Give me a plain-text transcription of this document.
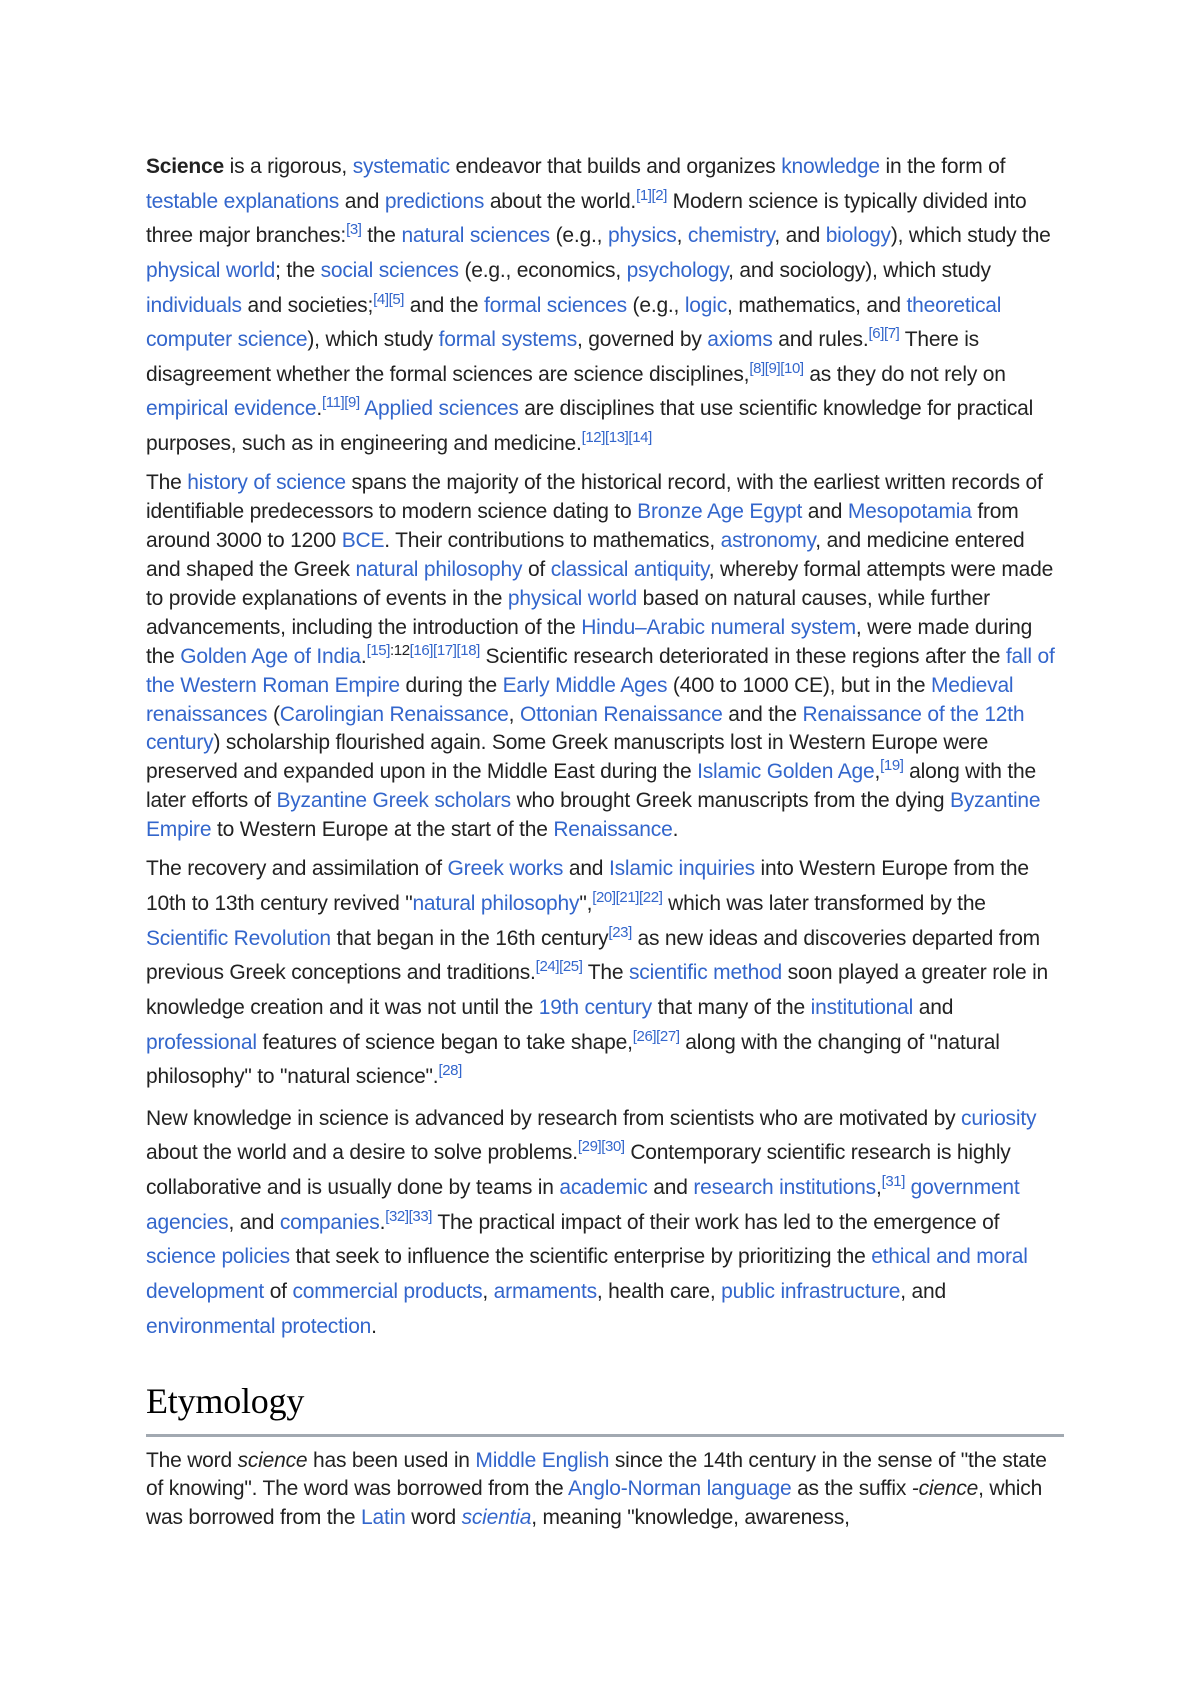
Science is a rigorous, systematic endeavor that builds and organizes knowledge in the form of testable explanations and predictions about the world.[1][2] Modern science is typically divided into three major branches:[3] the natural sciences (e.g., physics, chemistry, and biology), which study the physical world; the social sciences (e.g., economics, psychology, and sociology), which study individuals and societies;[4][5] and the formal sciences (e.g., logic, mathematics, and theoretical computer science), which study formal systems, governed by axioms and rules.[6][7] There is disagreement whether the formal sciences are science disciplines,[8][9][10] as they do not rely on empirical evidence.[11][9] Applied sciences are disciplines that use scientific knowledge for practical purposes, such as in engineering and medicine.[12][13][14]

The history of science spans the majority of the historical record, with the earliest written records of identifiable predecessors to modern science dating to Bronze Age Egypt and Mesopotamia from around 3000 to 1200 BCE. Their contributions to mathematics, astronomy, and medicine entered and shaped the Greek natural philosophy of classical antiquity, whereby formal attempts were made to provide explanations of events in the physical world based on natural causes, while further advancements, including the introduction of the Hindu–Arabic numeral system, were made during the Golden Age of India.[15]:12[16][17][18] Scientific research deteriorated in these regions after the fall of the Western Roman Empire during the Early Middle Ages (400 to 1000 CE), but in the Medieval renaissances (Carolingian Renaissance, Ottonian Renaissance and the Renaissance of the 12th century) scholarship flourished again. Some Greek manuscripts lost in Western Europe were preserved and expanded upon in the Middle East during the Islamic Golden Age,[19] along with the later efforts of Byzantine Greek scholars who brought Greek manuscripts from the dying Byzantine Empire to Western Europe at the start of the Renaissance.

The recovery and assimilation of Greek works and Islamic inquiries into Western Europe from the 10th to 13th century revived "natural philosophy",[20][21][22] which was later transformed by the Scientific Revolution that began in the 16th century[23] as new ideas and discoveries departed from previous Greek conceptions and traditions.[24][25] The scientific method soon played a greater role in knowledge creation and it was not until the 19th century that many of the institutional and professional features of science began to take shape,[26][27] along with the changing of "natural philosophy" to "natural science".[28]

New knowledge in science is advanced by research from scientists who are motivated by curiosity about the world and a desire to solve problems.[29][30] Contemporary scientific research is highly collaborative and is usually done by teams in academic and research institutions,[31] government agencies, and companies.[32][33] The practical impact of their work has led to the emergence of science policies that seek to influence the scientific enterprise by prioritizing the ethical and moral development of commercial products, armaments, health care, public infrastructure, and environmental protection.

Etymology

The word science has been used in Middle English since the 14th century in the sense of "the state of knowing". The word was borrowed from the Anglo-Norman language as the suffix -cience, which was borrowed from the Latin word scientia, meaning "knowledge, awareness,
